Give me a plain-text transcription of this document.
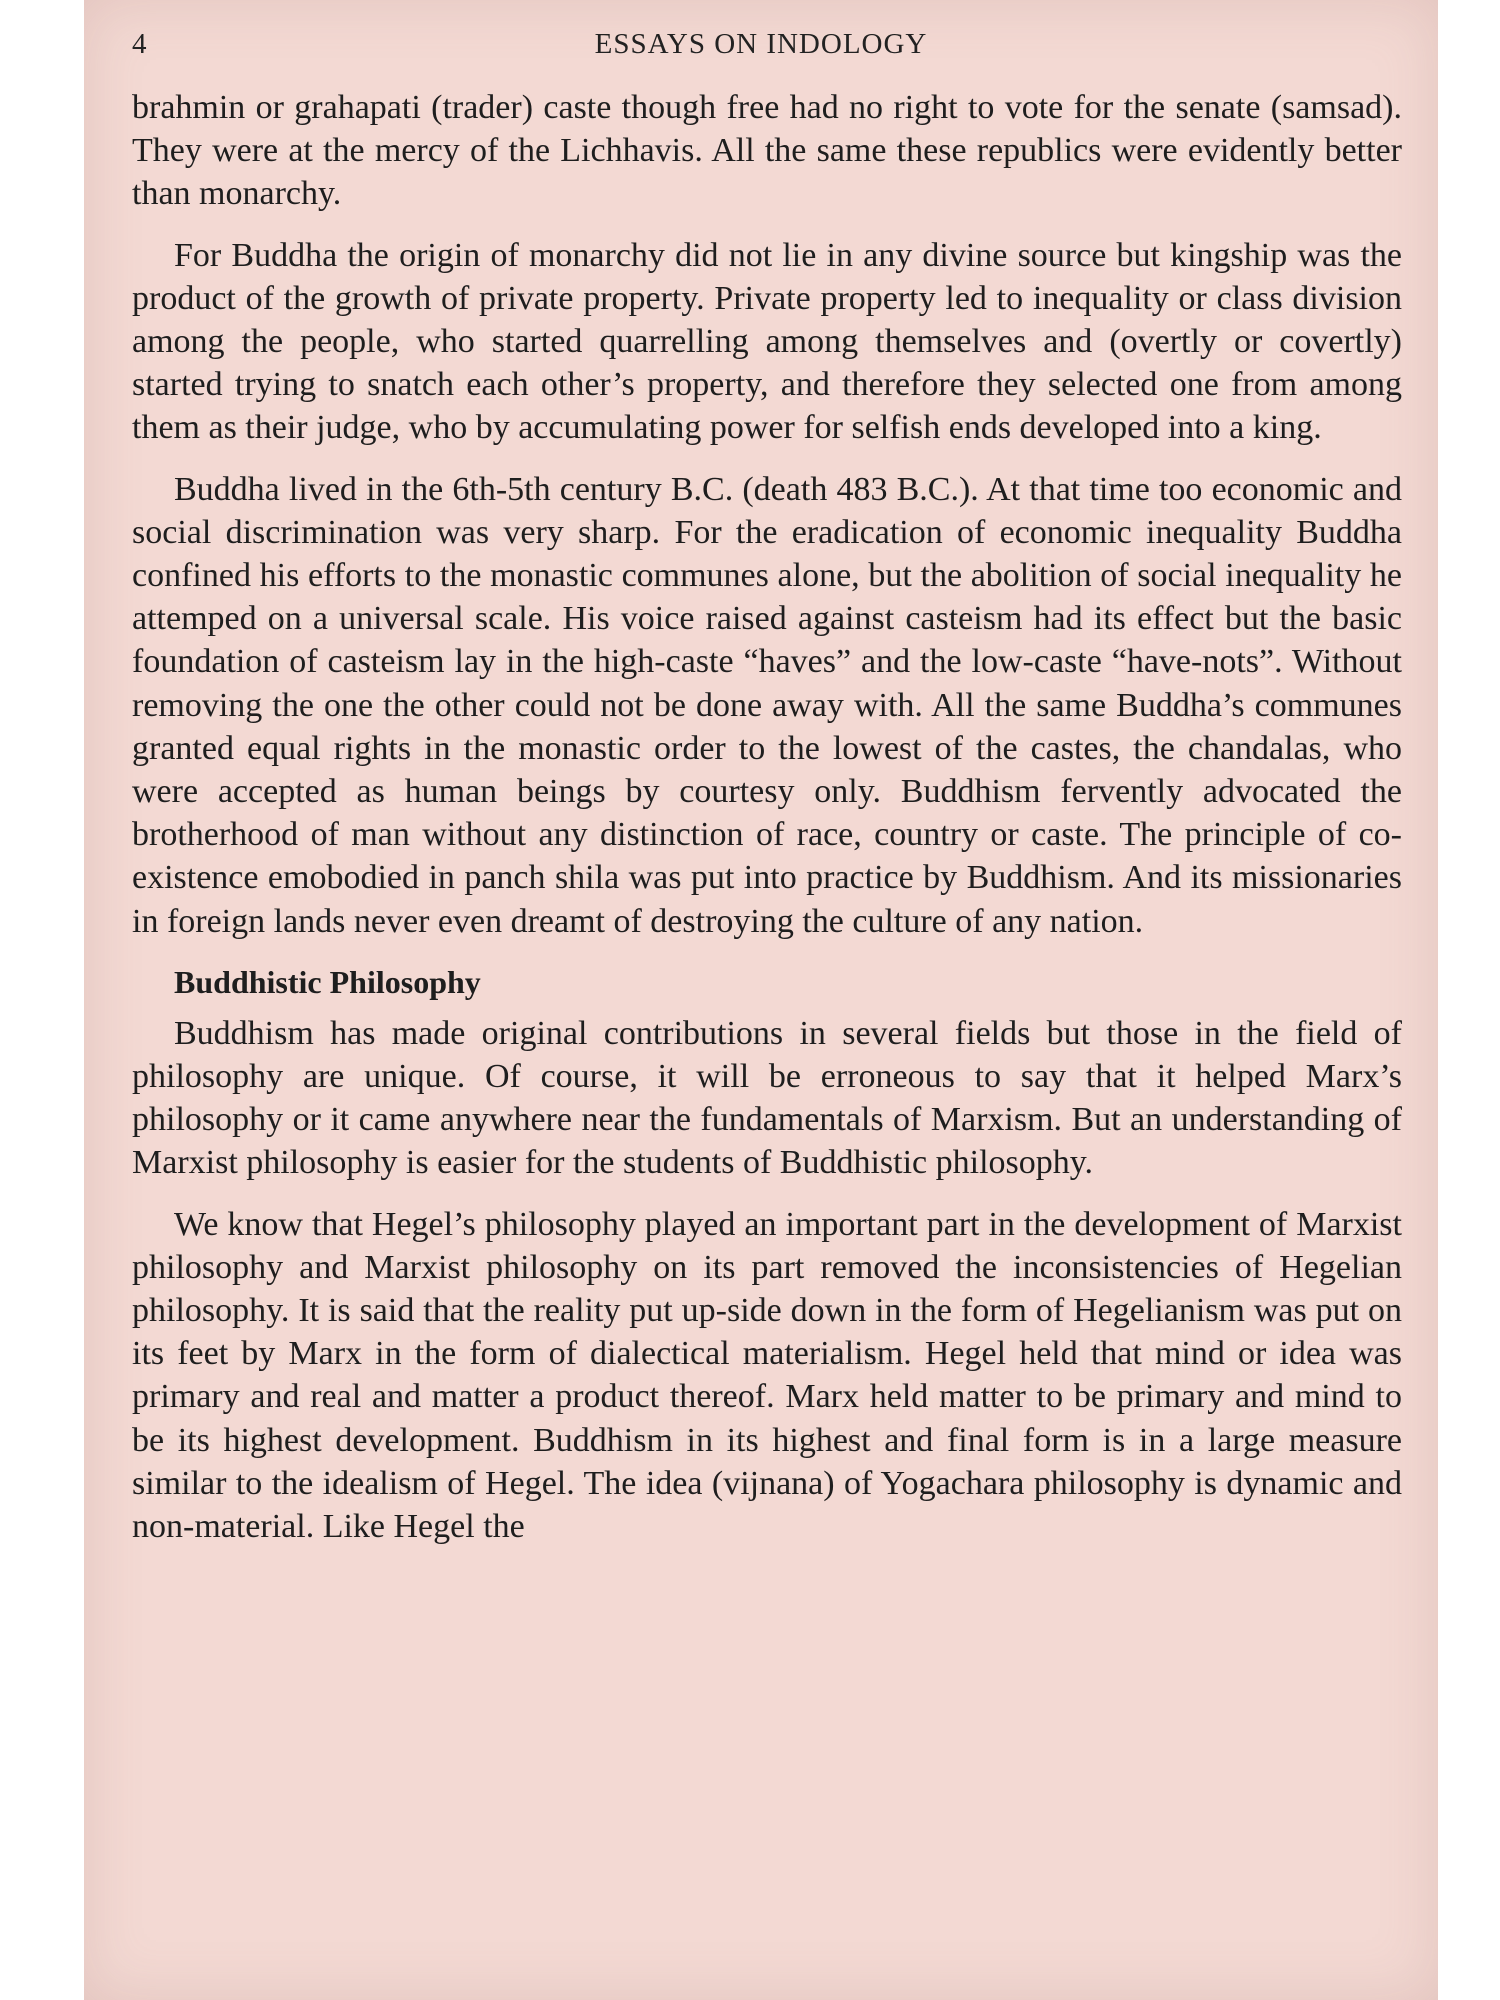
4	ESSAYS ON INDOLOGY

brahmin or grahapati (trader) caste though free had no right to vote for the senate (samsad). They were at the mercy of the Lichhavis. All the same these republics were evidently better than monarchy.

For Buddha the origin of monarchy did not lie in any divine source but kingship was the product of the growth of private property. Private property led to inequality or class division among the people, who started quarrelling among themselves and (overtly or covertly) started trying to snatch each other’s property, and therefore they selected one from among them as their judge, who by accumulating power for selfish ends developed into a king.

Buddha lived in the 6th-5th century B.C. (death 483 B.C.). At that time too economic and social discrimination was very sharp. For the eradication of economic inequality Buddha confined his efforts to the monastic communes alone, but the abolition of social inequality he attemped on a universal scale. His voice raised against casteism had its effect but the basic foundation of casteism lay in the high-caste “haves” and the low-caste “have-nots”. Without removing the one the other could not be done away with. All the same Buddha’s communes granted equal rights in the monastic order to the lowest of the castes, the chandalas, who were accepted as human beings by courtesy only. Buddhism fervently advocated the brotherhood of man without any distinction of race, country or caste. The principle of co-existence emobodied in panch shila was put into practice by Buddhism. And its missionaries in foreign lands never even dreamt of destroying the culture of any nation.

Buddhistic Philosophy

Buddhism has made original contributions in several fields but those in the field of philosophy are unique. Of course, it will be erroneous to say that it helped Marx’s philosophy or it came anywhere near the fundamentals of Marxism. But an understanding of Marxist philosophy is easier for the students of Buddhistic philosophy.

We know that Hegel’s philosophy played an important part in the development of Marxist philosophy and Marxist philosophy on its part removed the inconsistencies of Hegelian philosophy. It is said that the reality put up-side down in the form of Hegelianism was put on its feet by Marx in the form of dialectical materialism. Hegel held that mind or idea was primary and real and matter a product thereof. Marx held matter to be primary and mind to be its highest development. Buddhism in its highest and final form is in a large measure similar to the idealism of Hegel. The idea (vijnana) of Yogachara philosophy is dynamic and non-material. Like Hegel the
